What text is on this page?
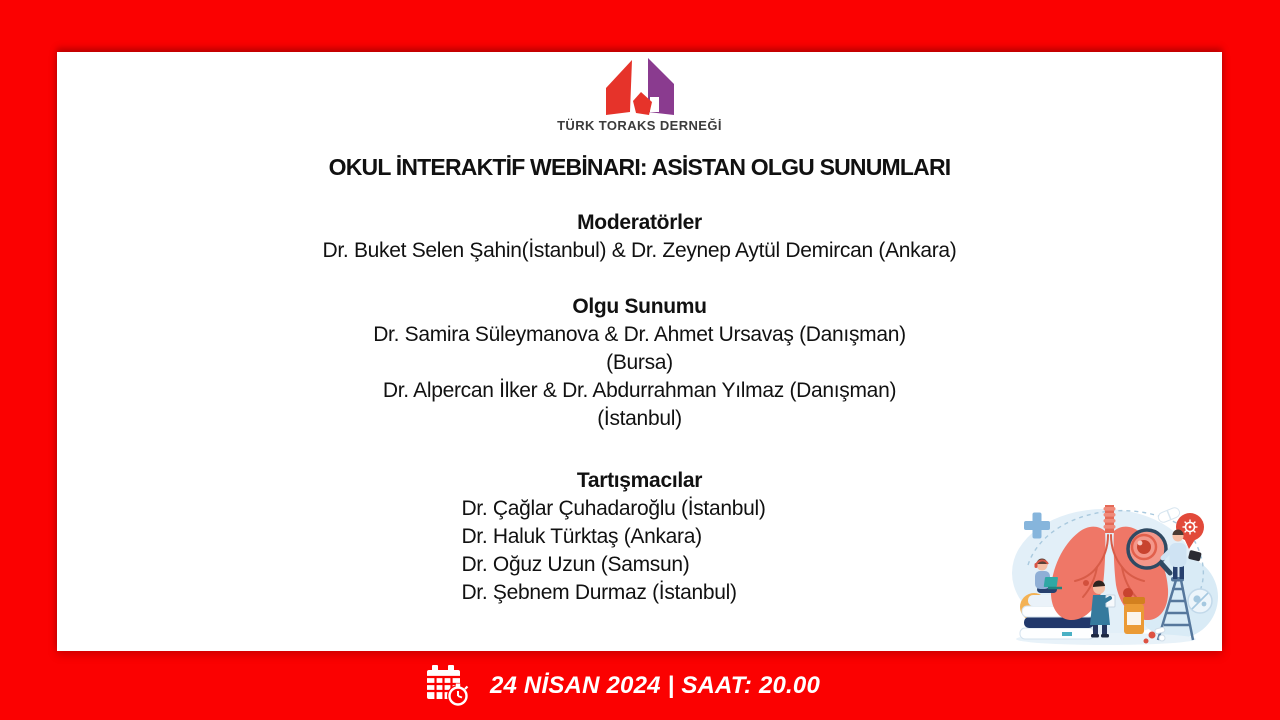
TÜRK TORAKS DERNEĞİ
OKUL İNTERAKTİF WEBİNARI: ASİSTAN OLGU SUNUMLARI
Moderatörler
Dr. Buket Selen Şahin(İstanbul) & Dr. Zeynep Aytül Demircan (Ankara)
Olgu Sunumu
Dr. Samira Süleymanova & Dr. Ahmet Ursavaş (Danışman)
(Bursa)
Dr. Alpercan İlker & Dr. Abdurrahman Yılmaz (Danışman)
(İstanbul)
Tartışmacılar
Dr. Çağlar Çuhadaroğlu (İstanbul)
Dr. Haluk Türktaş (Ankara)
Dr. Oğuz Uzun (Samsun)
Dr. Şebnem Durmaz (İstanbul)
24 NİSAN 2024 | SAAT: 20.00
